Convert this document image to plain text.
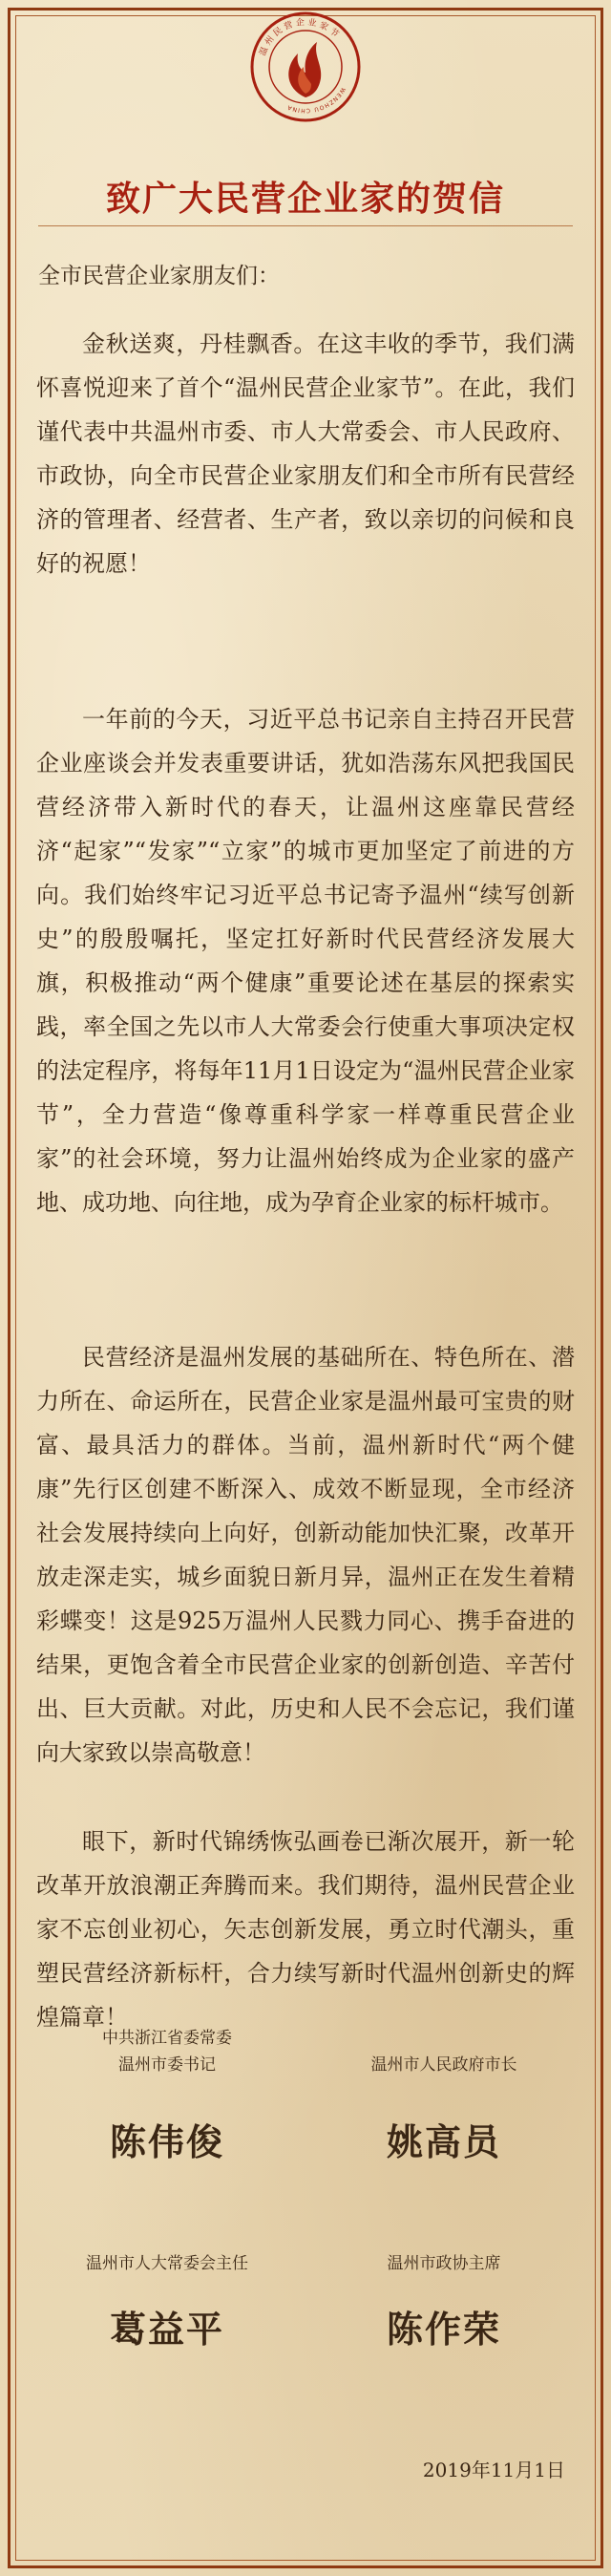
温州民营企业家节
WENZHOU CHINA
致广大民营企业家的贺信
全市民营企业家朋友们：

金秋送爽，丹桂飘香。在这丰收的季节，我们满怀喜悦迎来了首个“温州民营企业家节”。在此，我们谨代表中共温州市委、市人大常委会、市人民政府、市政协，向全市民营企业家朋友们和全市所有民营经济的管理者、经营者、生产者，致以亲切的问候和良好的祝愿！

一年前的今天，习近平总书记亲自主持召开民营企业座谈会并发表重要讲话，犹如浩荡东风把我国民营经济带入新时代的春天，让温州这座靠民营经济“起家”“发家”“立家”的城市更加坚定了前进的方向。我们始终牢记习近平总书记寄予温州“续写创新史”的殷殷嘱托，坚定扛好新时代民营经济发展大旗，积极推动“两个健康”重要论述在基层的探索实践，率全国之先以市人大常委会行使重大事项决定权的法定程序，将每年11月1日设定为“温州民营企业家节”，全力营造“像尊重科学家一样尊重民营企业家”的社会环境，努力让温州始终成为企业家的盛产地、成功地、向往地，成为孕育企业家的标杆城市。

民营经济是温州发展的基础所在、特色所在、潜力所在、命运所在，民营企业家是温州最可宝贵的财富、最具活力的群体。当前，温州新时代“两个健康”先行区创建不断深入、成效不断显现，全市经济社会发展持续向上向好，创新动能加快汇聚，改革开放走深走实，城乡面貌日新月异，温州正在发生着精彩蝶变！这是925万温州人民戮力同心、携手奋进的结果，更饱含着全市民营企业家的创新创造、辛苦付出、巨大贡献。对此，历史和人民不会忘记，我们谨向大家致以崇高敬意！

眼下，新时代锦绣恢弘画卷已渐次展开，新一轮改革开放浪潮正奔腾而来。我们期待，温州民营企业家不忘创业初心，矢志创新发展，勇立时代潮头，重塑民营经济新标杆，合力续写新时代温州创新史的辉煌篇章！

中共浙江省委常委
温州市委书记
陈伟俊
温州市人民政府市长
姚高员
温州市人大常委会主任
葛益平
温州市政协主席
陈作荣
2019年11月1日
